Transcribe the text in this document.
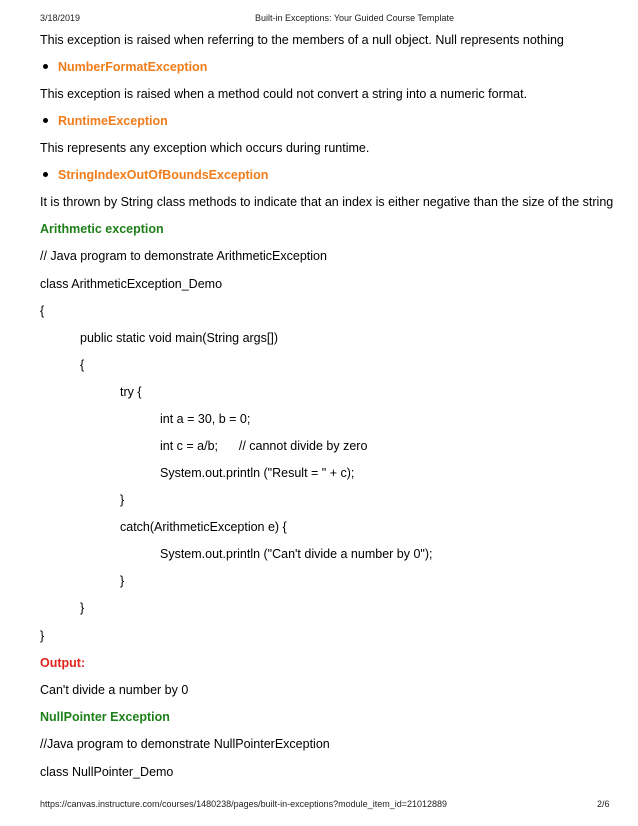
3/18/2019	Built-in Exceptions: Your Guided Course Template
This exception is raised when referring to the members of a null object. Null represents nothing
NumberFormatException
This exception is raised when a method could not convert a string into a numeric format.
RuntimeException
This represents any exception which occurs during runtime.
StringIndexOutOfBoundsException
It is thrown by String class methods to indicate that an index is either negative than the size of the string
Arithmetic exception
// Java program to demonstrate ArithmeticException
class ArithmeticException_Demo
{
public static void main(String args[])
{
try {
int a = 30, b = 0;
int c = a/b;      // cannot divide by zero
System.out.println ("Result = " + c);
}
catch(ArithmeticException e) {
System.out.println ("Can't divide a number by 0");
}
}
}
Output:
Can't divide a number by 0
NullPointer Exception
//Java program to demonstrate NullPointerException
class NullPointer_Demo
https://canvas.instructure.com/courses/1480238/pages/built-in-exceptions?module_item_id=21012889	2/6
